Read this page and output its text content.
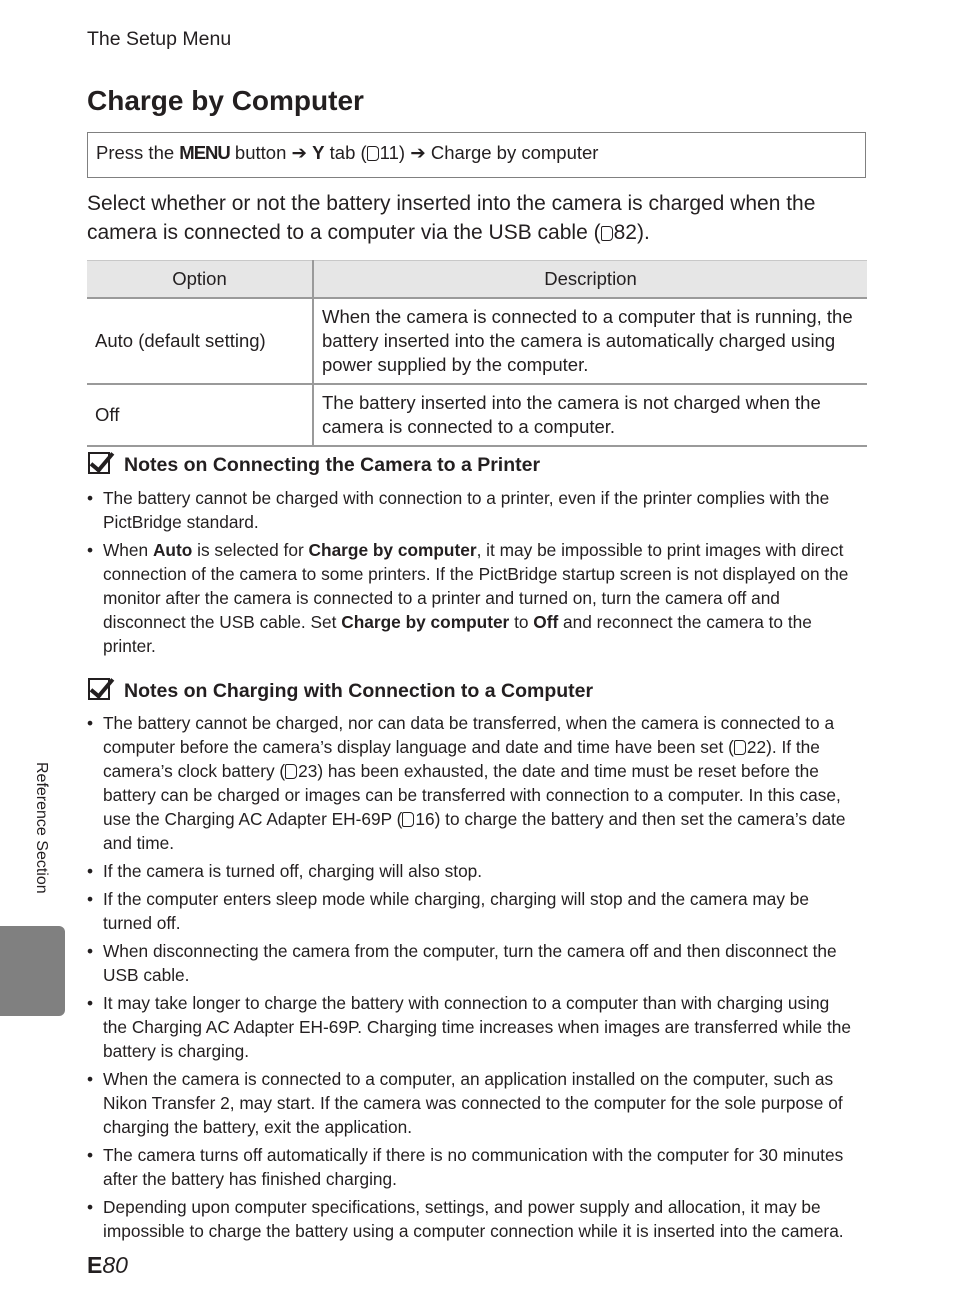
The Setup Menu
Charge by Computer
Press the MENU button ➔ Y tab ( 11) ➔ Charge by computer
Select whether or not the battery inserted into the camera is charged when the camera is connected to a computer via the USB cable ( 82).
Option	Description
Auto (default setting)	When the camera is connected to a computer that is running, the battery inserted into the camera is automatically charged using power supplied by the computer.
Off	The battery inserted into the camera is not charged when the camera is connected to a computer.
Notes on Connecting the Camera to a Printer
• The battery cannot be charged with connection to a printer, even if the printer complies with the PictBridge standard.
• When Auto is selected for Charge by computer, it may be impossible to print images with direct connection of the camera to some printers. If the PictBridge startup screen is not displayed on the monitor after the camera is connected to a printer and turned on, turn the camera off and disconnect the USB cable. Set Charge by computer to Off and reconnect the camera to the printer.
Notes on Charging with Connection to a Computer
• The battery cannot be charged, nor can data be transferred, when the camera is connected to a computer before the camera’s display language and date and time have been set ( 22). If the camera’s clock battery ( 23) has been exhausted, the date and time must be reset before the battery can be charged or images can be transferred with connection to a computer. In this case, use the Charging AC Adapter EH-69P ( 16) to charge the battery and then set the camera’s date and time.
• If the camera is turned off, charging will also stop.
• If the computer enters sleep mode while charging, charging will stop and the camera may be turned off.
• When disconnecting the camera from the computer, turn the camera off and then disconnect the USB cable.
• It may take longer to charge the battery with connection to a computer than with charging using the Charging AC Adapter EH-69P. Charging time increases when images are transferred while the battery is charging.
• When the camera is connected to a computer, an application installed on the computer, such as Nikon Transfer 2, may start. If the camera was connected to the computer for the sole purpose of charging the battery, exit the application.
• The camera turns off automatically if there is no communication with the computer for 30 minutes after the battery has finished charging.
• Depending upon computer specifications, settings, and power supply and allocation, it may be impossible to charge the battery using a computer connection while it is inserted into the camera.
Reference Section
E80
